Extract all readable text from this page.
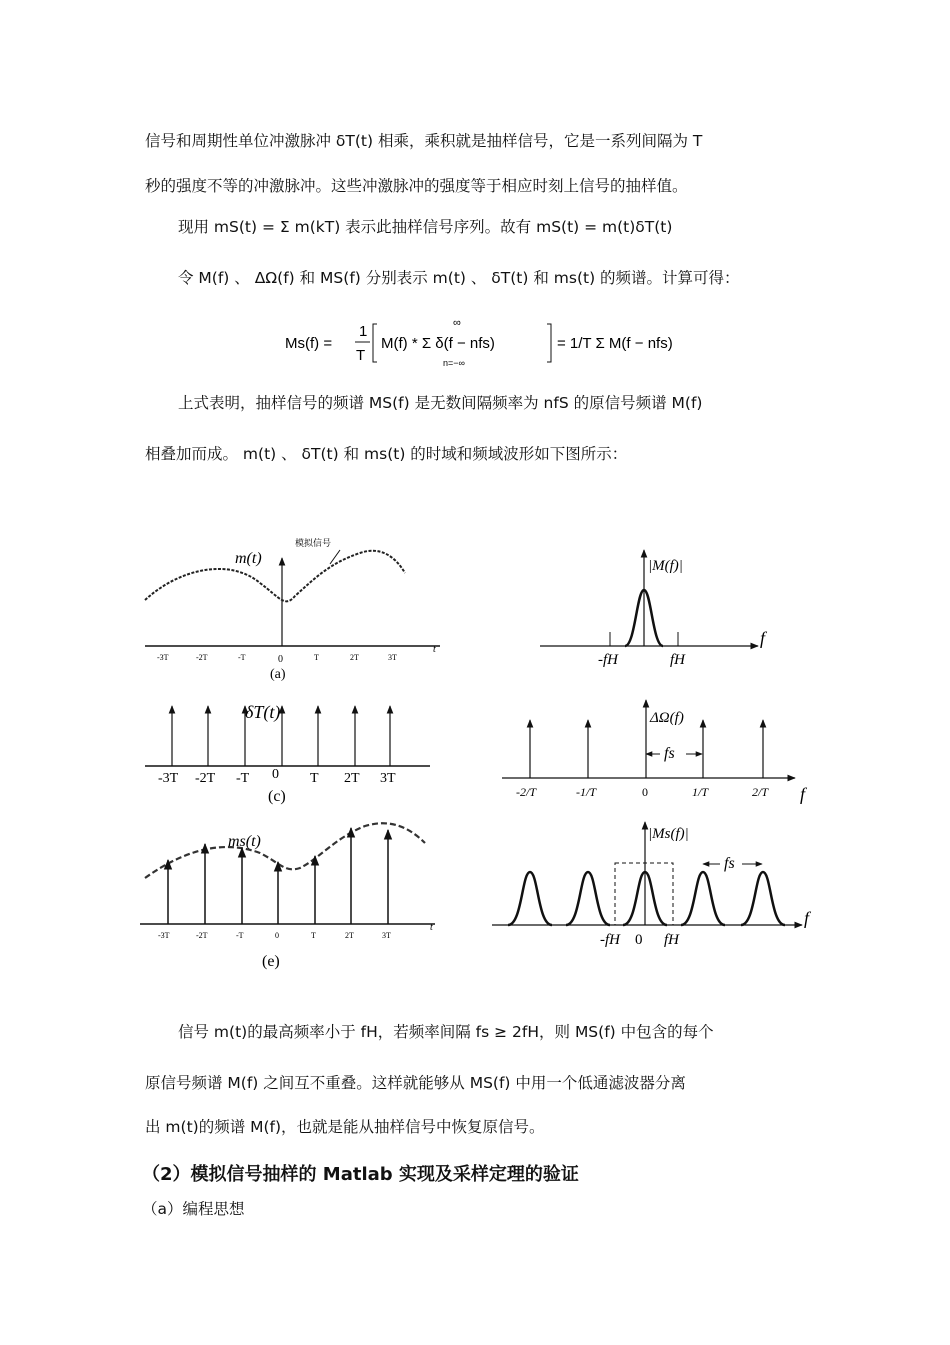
信号和周期性单位冲激脉冲 δT(t) 相乘，乘积就是抽样信号，它是一系列间隔为 T
秒的强度不等的冲激脉冲。这些冲激脉冲的强度等于相应时刻上信号的抽样值。
现用 mS(t) = Σ m(kT) 表示此抽样信号序列。故有 mS(t) = m(t)δT(t)
令 M(f) 、 ΔΩ(f) 和 MS(f) 分别表示 m(t) 、 δT(t) 和 ms(t) 的频谱。计算可得：
Ms(f) =
1
T
M(f) * Σ δ(f − nfs)
∞
n=−∞
= 1/T Σ M(f − nfs)
上式表明，抽样信号的频谱 MS(f) 是无数间隔频率为 nfS 的原信号频谱 M(f)
相叠加而成。 m(t) 、 δT(t) 和 ms(t) 的时域和频域波形如下图所示：
模拟信号
m(t)
-3T	-2T	-T	0	T	2T	3T
t
(a)
|M(f)|
-fH	fH
f
δT(t)
-3T -2T -T 0 T 2T 3T
(c)
fs
ΔΩ(f)
-2/T	-1/T	0	1/T	2/T f
ms(t)
-3T	-2T	-T	0	T	2T	3T
t
(e)
fs
|Ms(f)|
-fH 0 fH
f
信号 m(t)的最高频率小于 fH，若频率间隔 fs ≥ 2fH，则 MS(f) 中包含的每个
原信号频谱 M(f) 之间互不重叠。这样就能够从 MS(f) 中用一个低通滤波器分离
出 m(t)的频谱 M(f)，也就是能从抽样信号中恢复原信号。
（2）模拟信号抽样的 Matlab 实现及采样定理的验证
（a）编程思想
